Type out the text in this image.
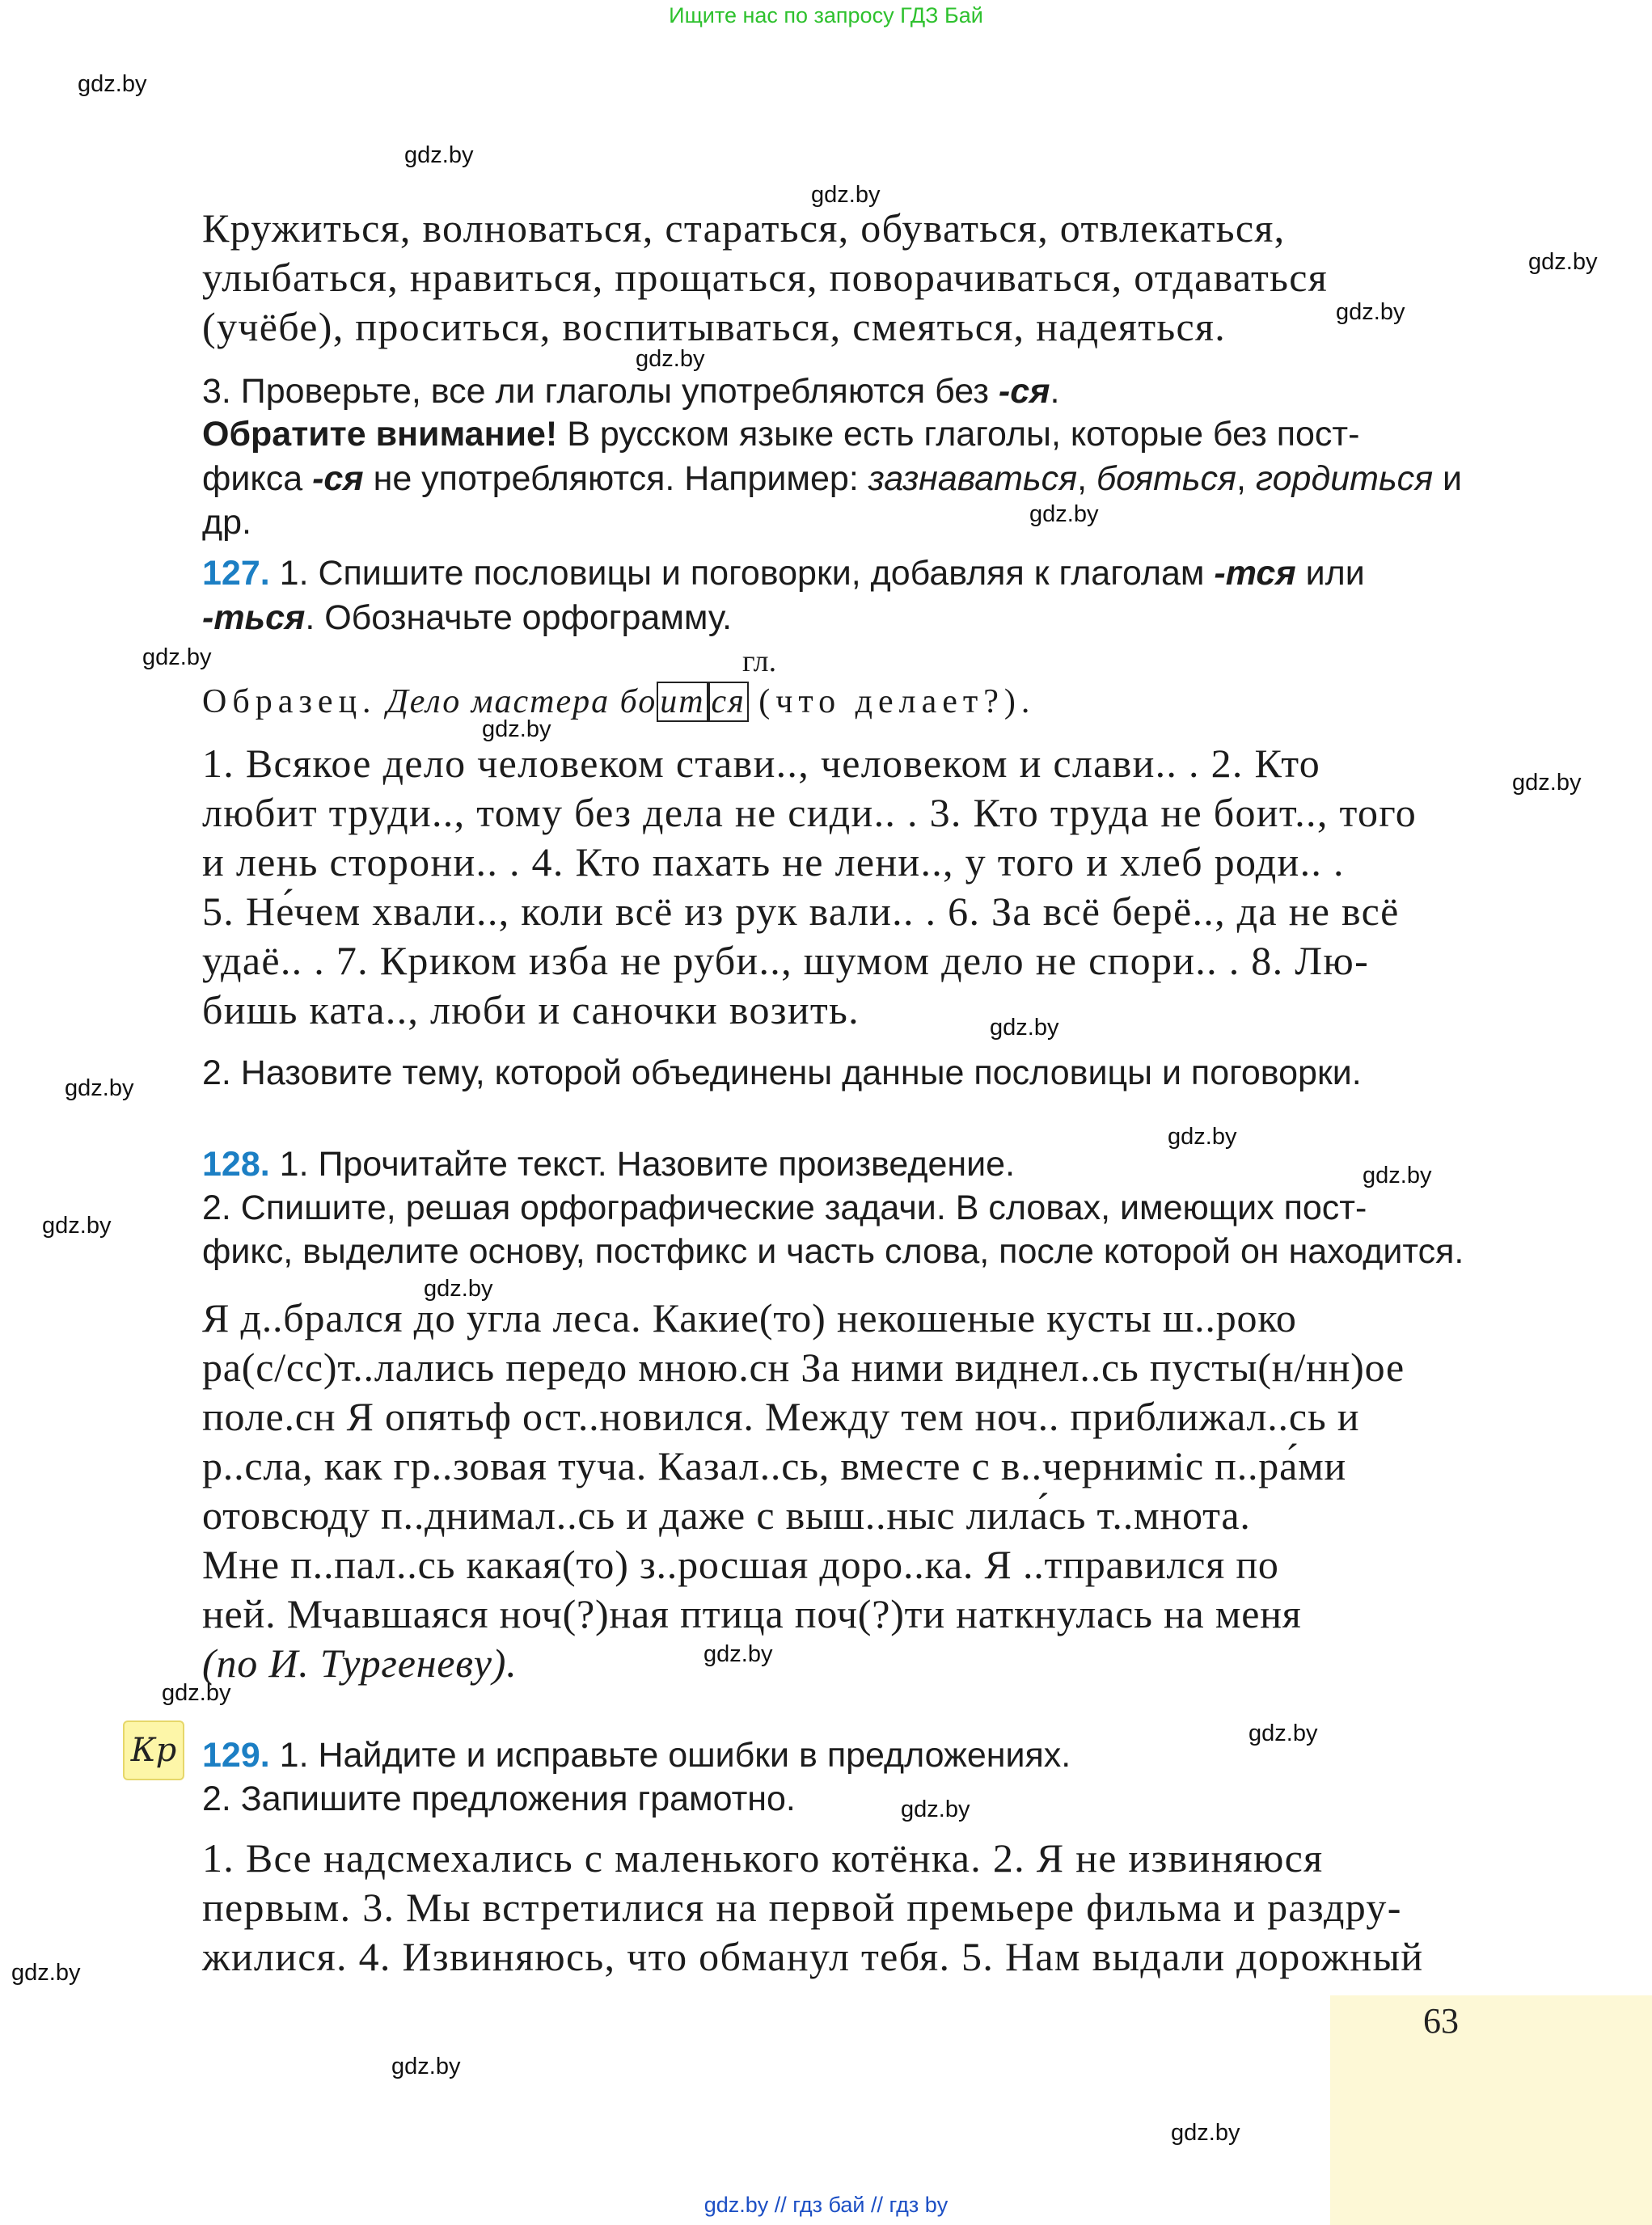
Ищите нас по запросу ГДЗ Бай
gdz.by
gdz.by
gdz.by
gdz.by
gdz.by
gdz.by
gdz.by
gdz.by
gdz.by
gdz.by
gdz.by
gdz.by
gdz.by
gdz.by
gdz.by
gdz.by
gdz.by
gdz.by
gdz.by
gdz.by
gdz.by
gdz.by
gdz.by
Кружиться, волноваться, стараться, обуваться, отвлекаться,
улыбаться, нравиться, прощаться, поворачиваться, отдаваться
(учёбе), проситься, воспитываться, смеяться, надеяться.
3. Проверьте, все ли глаголы употребляются без -ся.
Обратите внимание! В русском языке есть глаголы, которые без пост-
фикса -ся не употребляются. Например: зазнаваться, бояться, гордиться и др.
127. 1. Спишите пословицы и поговорки, добавляя к глаголам -тся или
-ться. Обозначьте орфограмму.
гл.
Образец. Дело мастера боит ся (что делает?).
1. Всякое дело человеком стави.., человеком и слави.. . 2. Кто
любит труди.., тому без дела не сиди.. . 3. Кто труда не боит.., того
и лень сторони.. . 4. Кто пахать не лени.., у того и хлеб роди.. .
5. Не́чем хвали.., коли всё из рук вали.. . 6. За всё берё.., да не всё
удаё.. . 7. Криком изба не руби.., шумом дело не спори.. . 8. Лю-
бишь ката.., люби и саночки возить.
2. Назовите тему, которой объединены данные пословицы и поговорки.
128. 1. Прочитайте текст. Назовите произведение.
2. Спишите, решая орфографические задачи. В словах, имеющих пост-
фикс, выделите основу, постфикс и часть слова, после которой он находится.
Я д..брался до угла леса. Какие(то) некошеные кусты ш..роко
ра(с/сс)т..лались передо мною.сн За ними виднел..сь пусты(н/нн)ое
поле.сн Я опятьф ост..новился. Между тем ноч.. приближал..сь и
р..сла, как гр..зовая туча. Казал..сь, вместе с в..черниміс п..ра́ми
отовсюду п..днимал..сь и даже с выш..ныс лила́сь т..мнота.
Мне п..пал..сь какая(то) з..росшая доро..ка. Я ..тправился по
ней. Мчавшаяся ноч(?)ная птица поч(?)ти наткнулась на меня
(по И. Тургеневу).
Кр 129. 1. Найдите и исправьте ошибки в предложениях.
2. Запишите предложения грамотно.
1. Все надсмехались с маленького котёнка. 2. Я не извиняюся
первым. 3. Мы встретилися на первой премьере фильма и раздру-
жилися. 4. Извиняюсь, что обманул тебя. 5. Нам выдали дорожный
63
gdz.by // гдз бай // гдз by
